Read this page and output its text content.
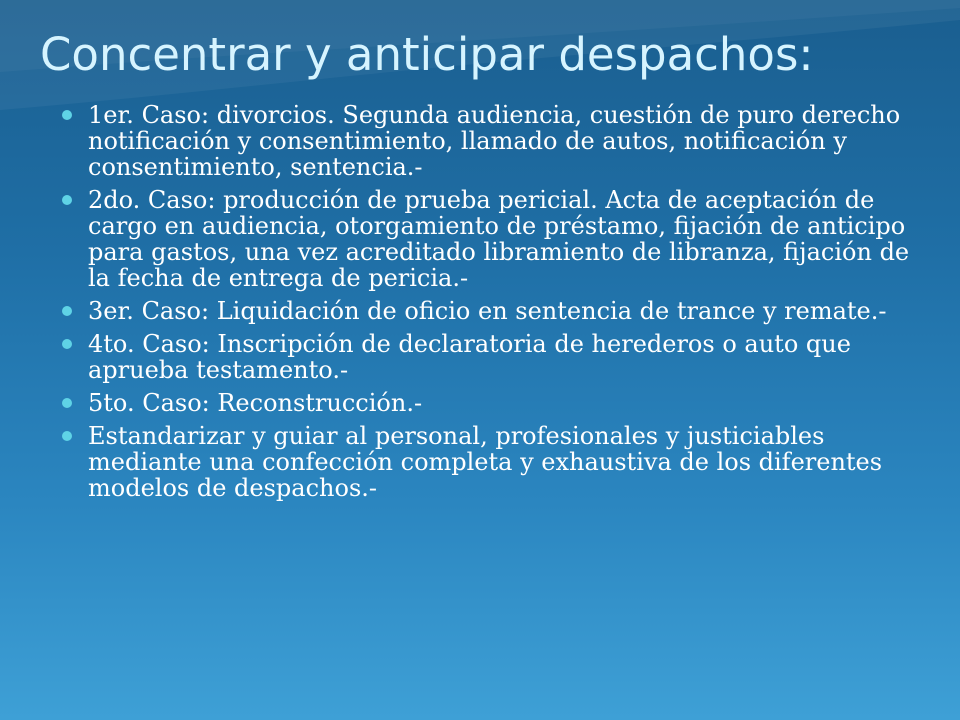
Concentrar y anticipar despachos:
1er. Caso: divorcios. Segunda audiencia, cuestión de puro derecho notificación y consentimiento, llamado de autos, notificación y consentimiento, sentencia.-
2do. Caso: producción de prueba pericial. Acta de aceptación de cargo en audiencia, otorgamiento de préstamo, fijación de anticipo para gastos, una vez acreditado libramiento de libranza, fijación de la fecha de entrega de pericia.-
3er. Caso: Liquidación de oficio en sentencia de trance y remate.-
4to. Caso: Inscripción de declaratoria de herederos o auto que aprueba testamento.-
5to. Caso: Reconstrucción.-
Estandarizar y guiar al personal, profesionales y justiciables mediante una confección completa y exhaustiva de los diferentes modelos de despachos.-
